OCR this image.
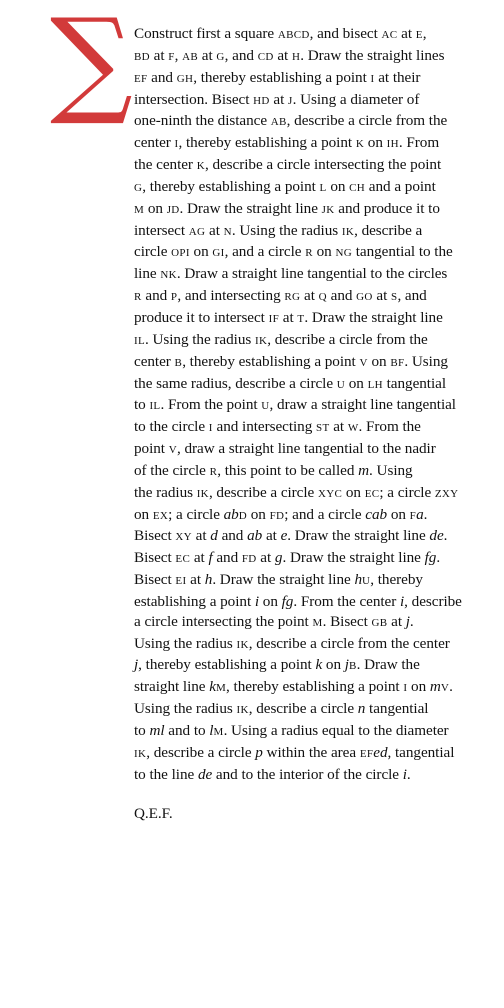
∑ Construct first a square ABCD, and bisect AC at E,
BD at F, AB at G, and CD at H. Draw the straight lines
EF and GH, thereby establishing a point I at their
intersection. Bisect HD at J. Using a diameter of
one-ninth the distance AB, describe a circle from the
center I, thereby establishing a point K on IH. From
the center K, describe a circle intersecting the point
G, thereby establishing a point L on CH and a point
M on JD. Draw the straight line JK and produce it to
intersect AG at N. Using the radius IK, describe a
circle OPI on GI, and a circle R on NG tangential to the
line NK. Draw a straight line tangential to the circles
R and P, and intersecting RG at Q and GO at S, and
produce it to intersect IF at T. Draw the straight line
IL. Using the radius IK, describe a circle from the
center B, thereby establishing a point V on BF. Using
the same radius, describe a circle U on LH tangential
to IL. From the point U, draw a straight line tangential
to the circle I and intersecting ST at W. From the
point V, draw a straight line tangential to the nadir
of the circle R, this point to be called m. Using
the radius IK, describe a circle XYC on EC; a circle ZXY
on EX; a circle abD on FD; and a circle cab on Fa.
Bisect XY at d and ab at e. Draw the straight line de.
Bisect EC at f and FD at g. Draw the straight line fg.
Bisect EI at h. Draw the straight line hU, thereby
establishing a point i on fg. From the center i, describe
a circle intersecting the point M. Bisect GB at j.
Using the radius IK, describe a circle from the center
j, thereby establishing a point k on jB. Draw the
straight line kM, thereby establishing a point I on mV.
Using the radius IK, describe a circle n tangential
to ml and to lM. Using a radius equal to the diameter
IK, describe a circle p within the area EFed, tangential
to the line de and to the interior of the circle i.
Q.E.F.
